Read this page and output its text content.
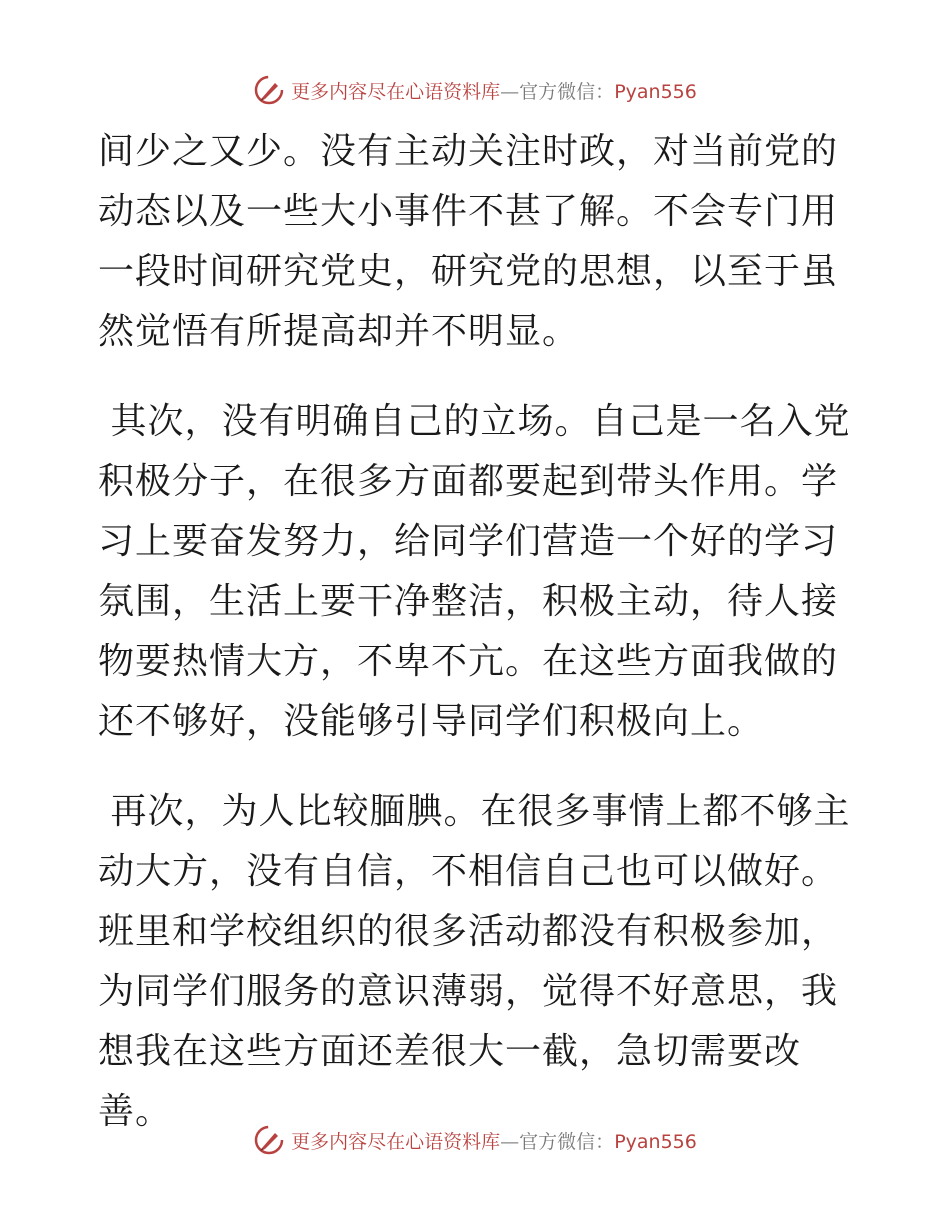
更多内容尽在心语资料库—官方微信：Pyan556

间少之又少。没有主动关注时政，对当前党的动态以及一些大小事件不甚了解。不会专门用一段时间研究党史，研究党的思想，以至于虽然觉悟有所提高却并不明显。

其次，没有明确自己的立场。自己是一名入党积极分子，在很多方面都要起到带头作用。学习上要奋发努力，给同学们营造一个好的学习氛围，生活上要干净整洁，积极主动，待人接物要热情大方，不卑不亢。在这些方面我做的还不够好，没能够引导同学们积极向上。

再次，为人比较腼腆。在很多事情上都不够主动大方，没有自信，不相信自己也可以做好。班里和学校组织的很多活动都没有积极参加，为同学们服务的意识薄弱，觉得不好意思，我想我在这些方面还差很大一截，急切需要改善。

更多内容尽在心语资料库—官方微信：Pyan556
